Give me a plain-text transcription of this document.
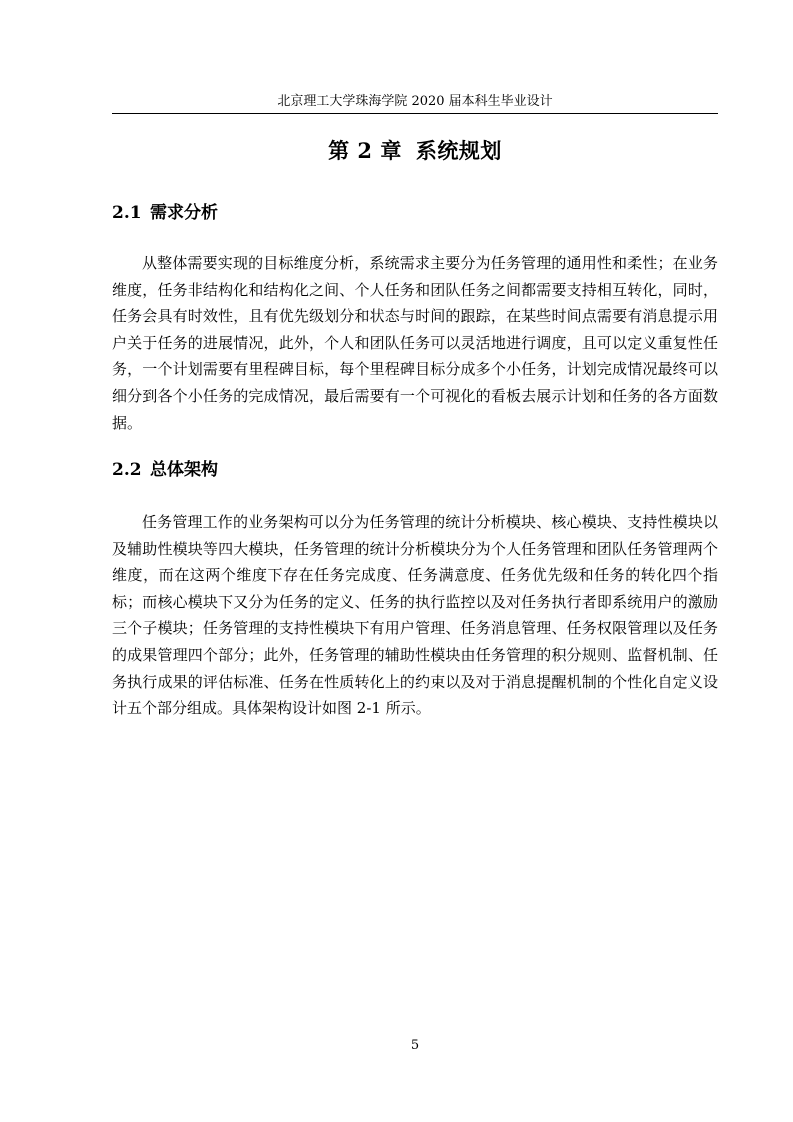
北京理工大学珠海学院 2020 届本科生毕业设计
第 2 章 系统规划
2.1 需求分析

从整体需要实现的目标维度分析，系统需求主要分为任务管理的通用性和柔性；在业务维度，任务非结构化和结构化之间、个人任务和团队任务之间都需要支持相互转化，同时，任务会具有时效性，且有优先级划分和状态与时间的跟踪，在某些时间点需要有消息提示用户关于任务的进展情况，此外，个人和团队任务可以灵活地进行调度，且可以定义重复性任务，一个计划需要有里程碑目标，每个里程碑目标分成多个小任务，计划完成情况最终可以细分到各个小任务的完成情况，最后需要有一个可视化的看板去展示计划和任务的各方面数据。

2.2 总体架构

任务管理工作的业务架构可以分为任务管理的统计分析模块、核心模块、支持性模块以及辅助性模块等四大模块，任务管理的统计分析模块分为个人任务管理和团队任务管理两个维度，而在这两个维度下存在任务完成度、任务满意度、任务优先级和任务的转化四个指标；而核心模块下又分为任务的定义、任务的执行监控以及对任务执行者即系统用户的激励三个子模块；任务管理的支持性模块下有用户管理、任务消息管理、任务权限管理以及任务的成果管理四个部分；此外，任务管理的辅助性模块由任务管理的积分规则、监督机制、任务执行成果的评估标准、任务在性质转化上的约束以及对于消息提醒机制的个性化自定义设计五个部分组成。具体架构设计如图 2-1 所示。

5
